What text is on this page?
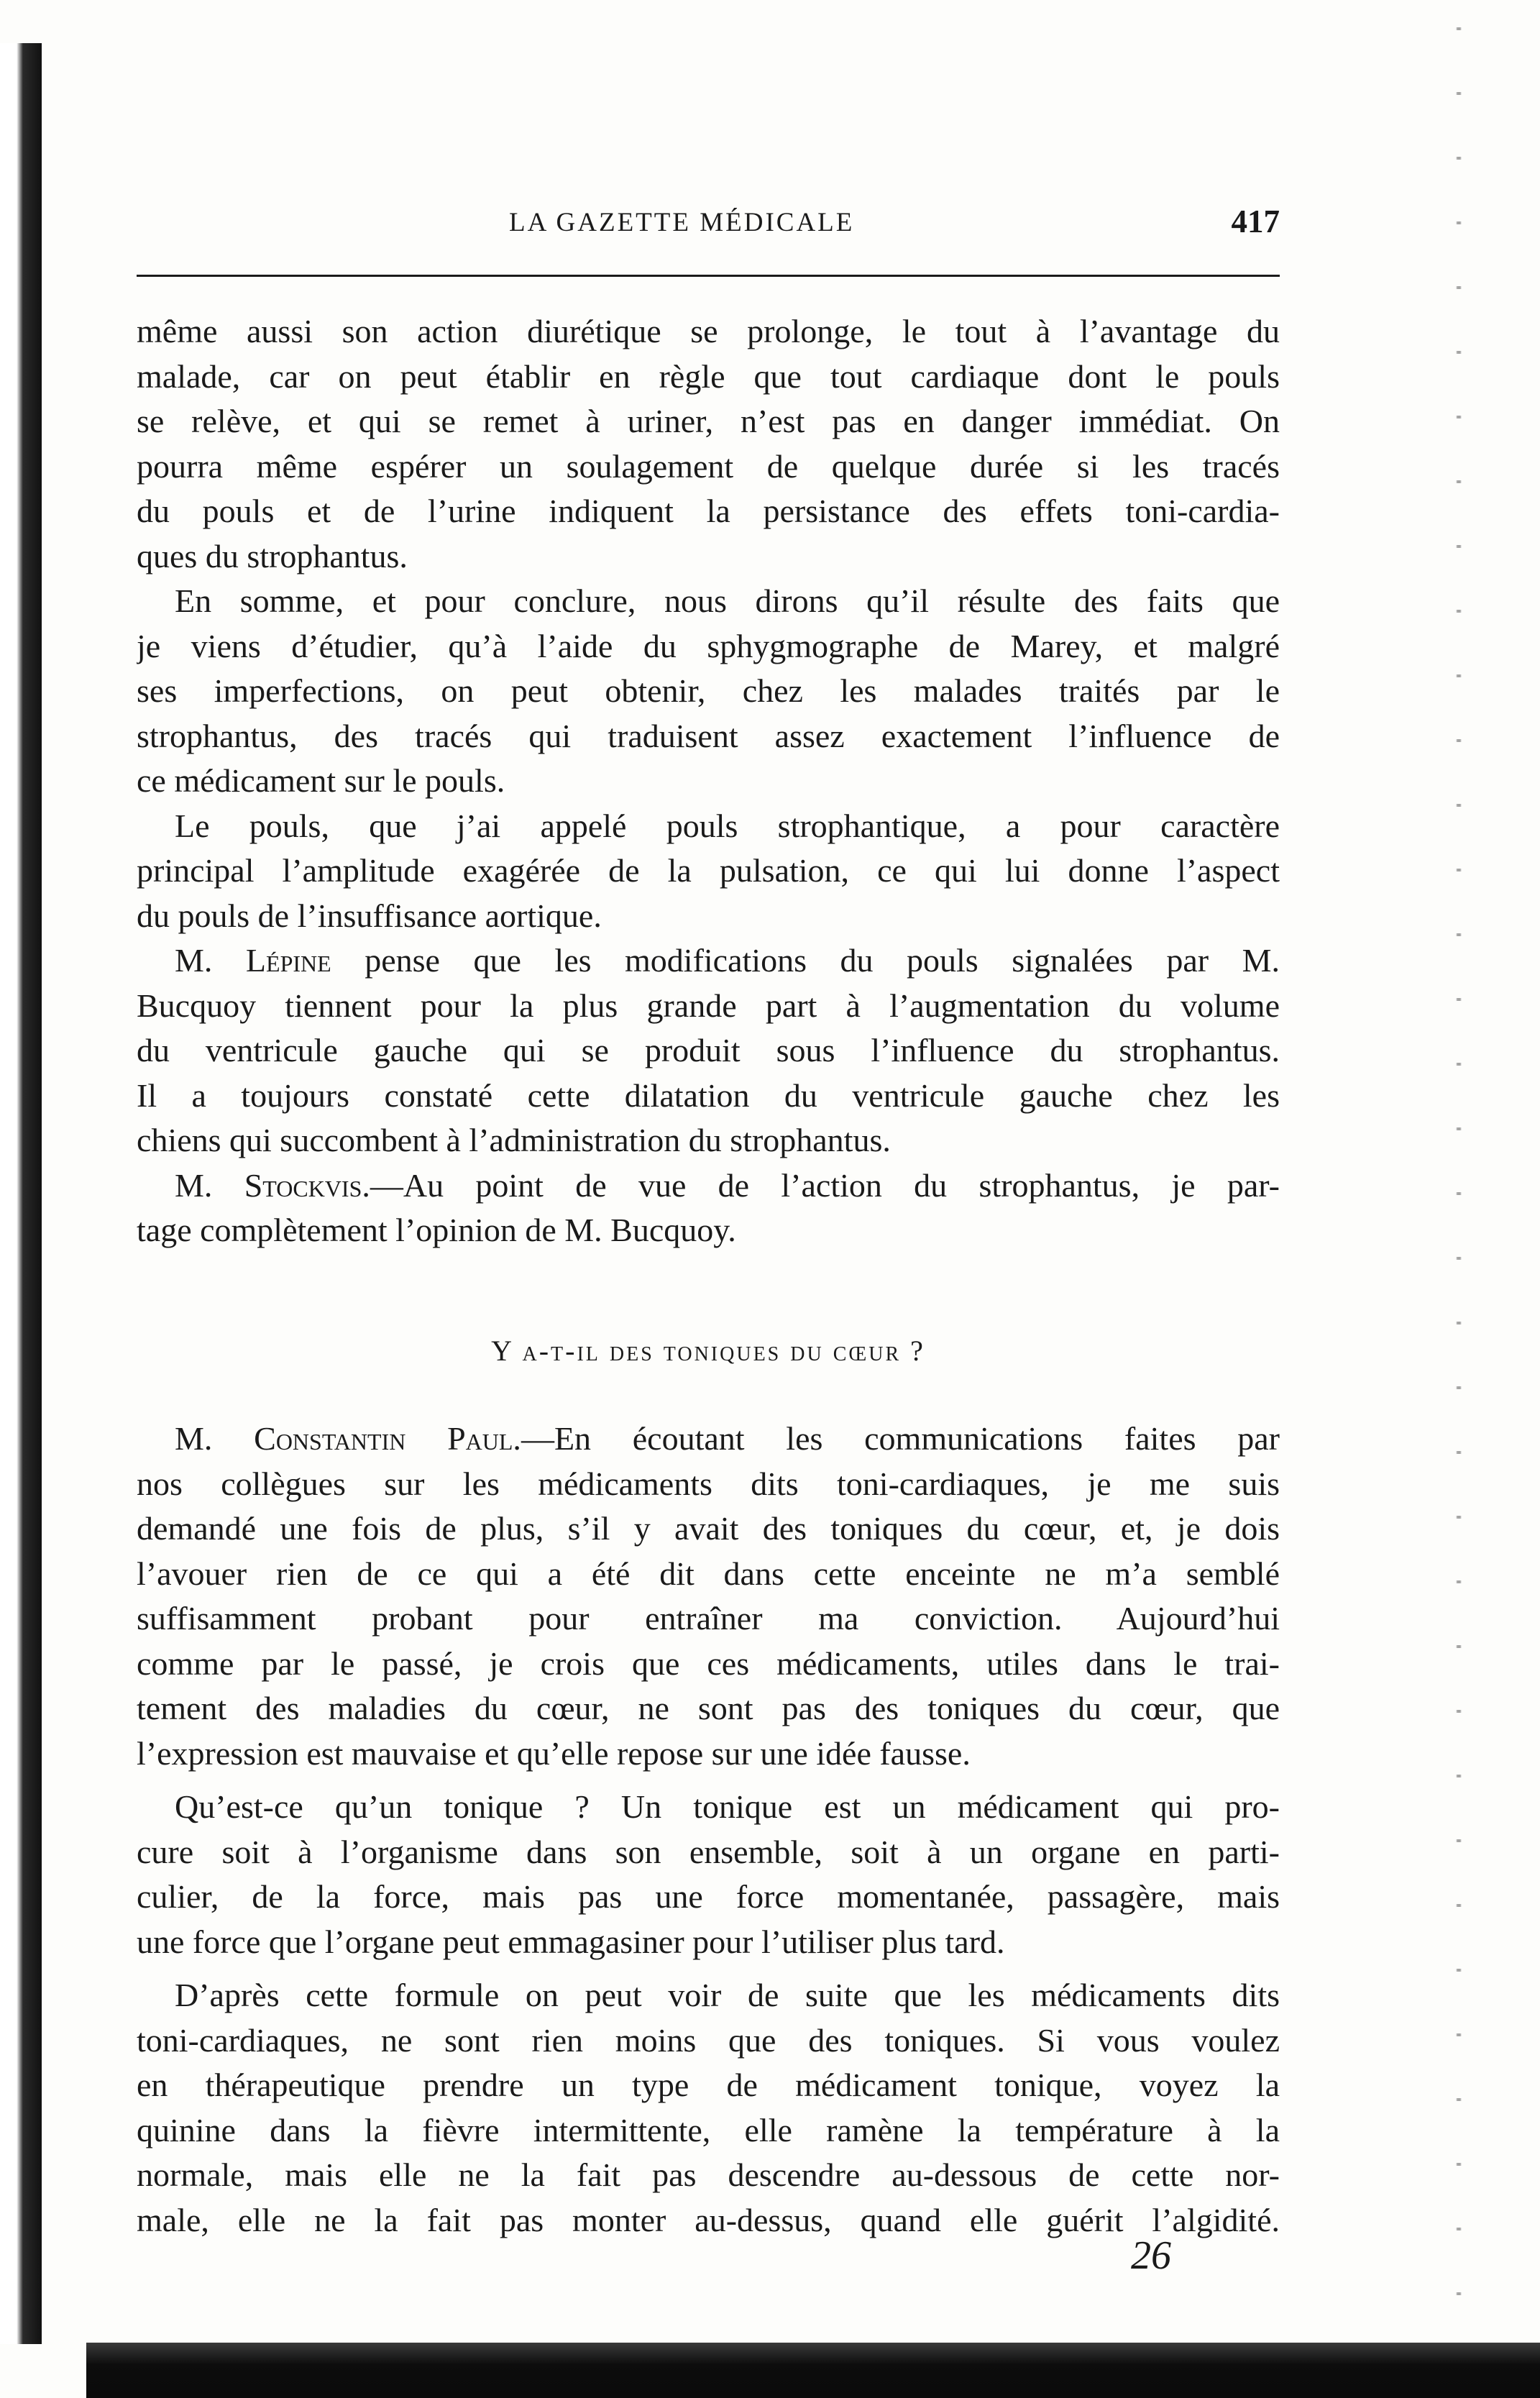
LA GAZETTE MÉDICALE	417
même aussi son action diurétique se prolonge, le tout à l’avantage du
malade, car on peut établir en règle que tout cardiaque dont le pouls
se relève, et qui se remet à uriner, n’est pas en danger immédiat. On
pourra même espérer un soulagement de quelque durée si les tracés
du pouls et de l’urine indiquent la persistance des effets toni-cardia-
ques du strophantus.
En somme, et pour conclure, nous dirons qu’il résulte des faits que
je viens d’étudier, qu’à l’aide du sphygmographe de Marey, et malgré
ses imperfections, on peut obtenir, chez les malades traités par le
strophantus, des tracés qui traduisent assez exactement l’influence de
ce médicament sur le pouls.
Le pouls, que j’ai appelé pouls strophantique, a pour caractère
principal l’amplitude exagérée de la pulsation, ce qui lui donne l’aspect
du pouls de l’insuffisance aortique.
M. Lépine pense que les modifications du pouls signalées par M.
Bucquoy tiennent pour la plus grande part à l’augmentation du volume
du ventricule gauche qui se produit sous l’influence du strophantus.
Il a toujours constaté cette dilatation du ventricule gauche chez les
chiens qui succombent à l’administration du strophantus.
M. Stockvis.—Au point de vue de l’action du strophantus, je par-
tage complètement l’opinion de M. Bucquoy.
Y a-t-il des toniques du cœur ?
M. Constantin Paul.—En écoutant les communications faites par
nos collègues sur les médicaments dits toni-cardiaques, je me suis
demandé une fois de plus, s’il y avait des toniques du cœur, et, je dois
l’avouer rien de ce qui a été dit dans cette enceinte ne m’a semblé
suffisamment probant pour entraîner ma conviction. Aujourd’hui
comme par le passé, je crois que ces médicaments, utiles dans le trai-
tement des maladies du cœur, ne sont pas des toniques du cœur, que
l’expression est mauvaise et qu’elle repose sur une idée fausse.
Qu’est-ce qu’un tonique ? Un tonique est un médicament qui pro-
cure soit à l’organisme dans son ensemble, soit à un organe en parti-
culier, de la force, mais pas une force momentanée, passagère, mais
une force que l’organe peut emmagasiner pour l’utiliser plus tard.
D’après cette formule on peut voir de suite que les médicaments dits
toni-cardiaques, ne sont rien moins que des toniques. Si vous voulez
en thérapeutique prendre un type de médicament tonique, voyez la
quinine dans la fièvre intermittente, elle ramène la température à la
normale, mais elle ne la fait pas descendre au-dessous de cette nor-
male, elle ne la fait pas monter au-dessus, quand elle guérit l’algidité.
26
